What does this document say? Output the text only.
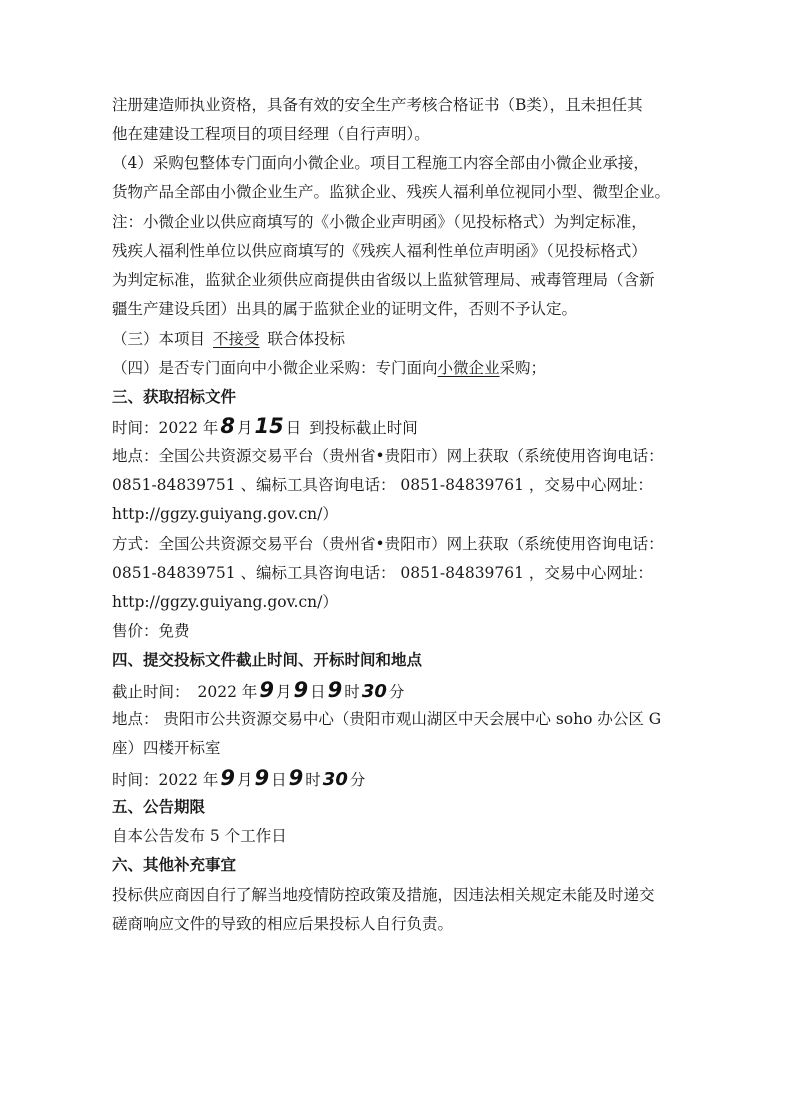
注册建造师执业资格，具备有效的安全生产考核合格证书（B类），且未担任其
他在建建设工程项目的项目经理（自行声明）。
（4）采购包整体专门面向小微企业。项目工程施工内容全部由小微企业承接，
货物产品全部由小微企业生产。监狱企业、残疾人福利单位视同小型、微型企业。
注：小微企业以供应商填写的《小微企业声明函》（见投标格式）为判定标准，
残疾人福利性单位以供应商填写的《残疾人福利性单位声明函》（见投标格式）
为判定标准，监狱企业须供应商提供由省级以上监狱管理局、戒毒管理局（含新
疆生产建设兵团）出具的属于监狱企业的证明文件，否则不予认定。
（三）本项目 不接受 联合体投标
（四）是否专门面向中小微企业采购：专门面向小微企业采购；
三、获取招标文件
时间：2022 年8 月15 日 到投标截止时间
地点：全国公共资源交易平台（贵州省•贵阳市）网上获取（系统使用咨询电话：
0851-84839751 、编标工具咨询电话： 0851-84839761 ，交易中心网址：
http://ggzy.guiyang.gov.cn/）
方式：全国公共资源交易平台（贵州省•贵阳市）网上获取（系统使用咨询电话：
0851-84839751 、编标工具咨询电话： 0851-84839761 ，交易中心网址：
http://ggzy.guiyang.gov.cn/）
售价：免费
四、提交投标文件截止时间、开标时间和地点
截止时间： 2022 年9 月9 日9 时 30 分
地点： 贵阳市公共资源交易中心（贵阳市观山湖区中天会展中心 soho 办公区 G
座）四楼开标室
时间：2022 年9 月9 日9 时 30 分
五、公告期限
自本公告发布 5 个工作日
六、其他补充事宜
投标供应商因自行了解当地疫情防控政策及措施，因违法相关规定未能及时递交
磋商响应文件的导致的相应后果投标人自行负责。
